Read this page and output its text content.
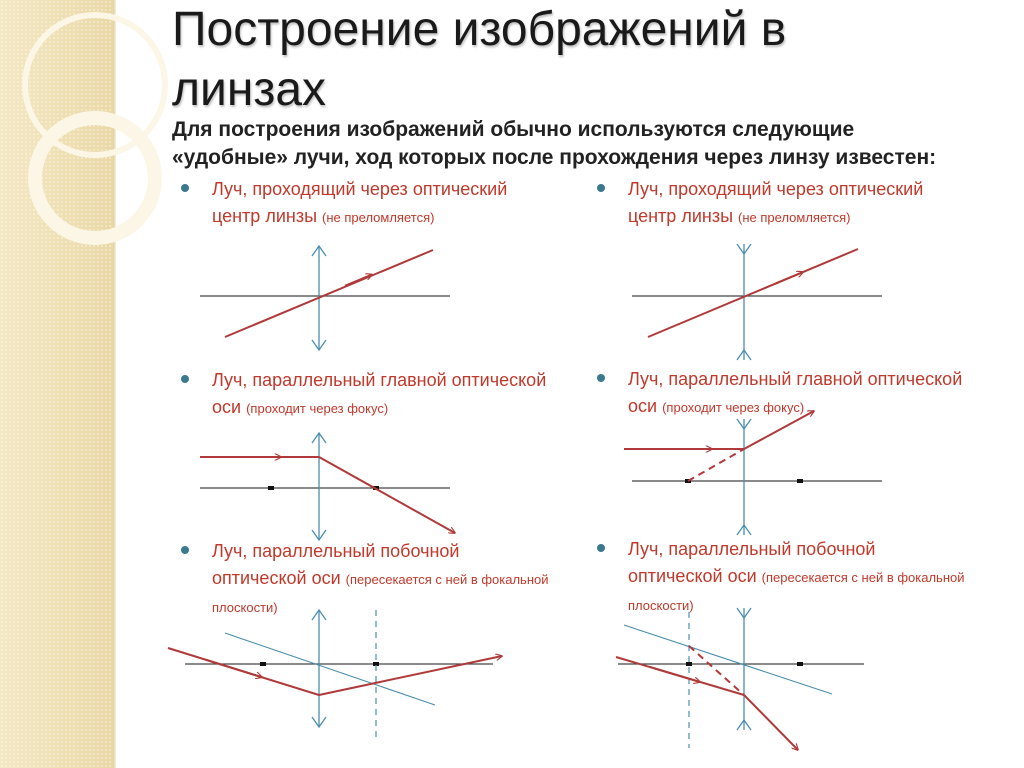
Построение изображений в линзах

Для построения изображений обычно используются следующие «удобные» лучи, ход которых после прохождения через линзу известен:

Луч, проходящий через оптический центр линзы (не преломляется)
Луч, проходящий через оптический центр линзы (не преломляется)
Луч, параллельный главной оптической оси (проходит через фокус)
Луч, параллельный главной оптической оси (проходит через фокус)
Луч, параллельный побочной оптической оси (пересекается с ней в фокальной плоскости)
Луч, параллельный побочной оптической оси (пересекается с ней в фокальной плоскости)
